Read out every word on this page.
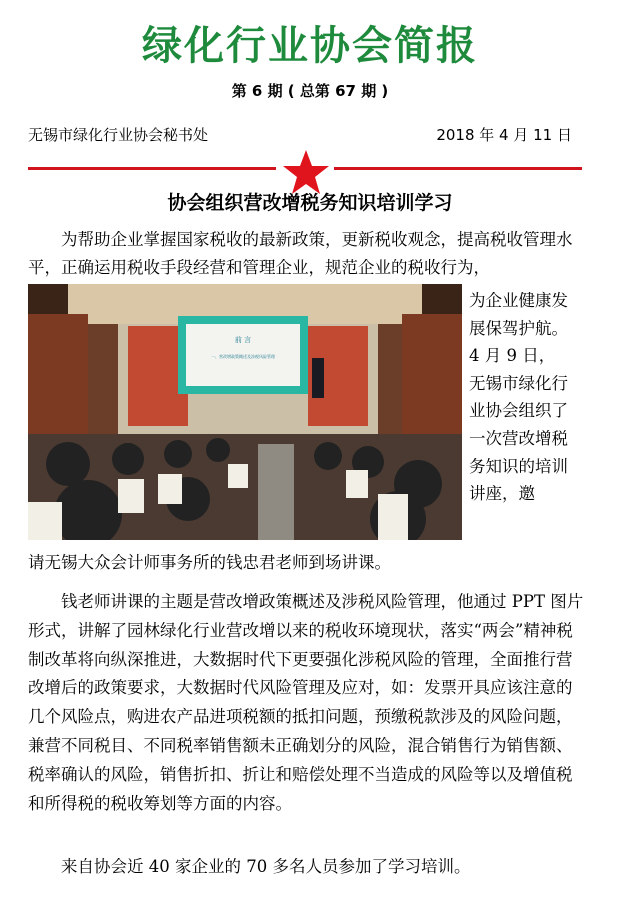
绿化行业协会简报
第 6 期 ( 总第 67 期 )
无锡市绿化行业协会秘书处	2018 年 4 月 11 日
协会组织营改增税务知识培训学习
为帮助企业掌握国家税收的最新政策，更新税收观念，提高税收管理水平，正确运用税收手段经营和管理企业，规范企业的税收行为，
前 言
一、营改增政策概述及涉税风险管理
为企业健康发展保驾护航。4 月 9 日，无锡市绿化行业协会组织了一次营改增税务知识的培训讲座，邀
请无锡大众会计师事务所的钱忠君老师到场讲课。
钱老师讲课的主题是营改增政策概述及涉税风险管理，他通过 PPT 图片形式，讲解了园林绿化行业营改增以来的税收环境现状，落实“两会”精神税制改革将向纵深推进，大数据时代下更要强化涉税风险的管理，全面推行营改增后的政策要求，大数据时代风险管理及应对，如：发票开具应该注意的几个风险点，购进农产品进项税额的抵扣问题，预缴税款涉及的风险问题，兼营不同税目、不同税率销售额未正确划分的风险，混合销售行为销售额、税率确认的风险，销售折扣、折让和赔偿处理不当造成的风险等以及增值税和所得税的税收筹划等方面的内容。
来自协会近 40 家企业的 70 多名人员参加了学习培训。
